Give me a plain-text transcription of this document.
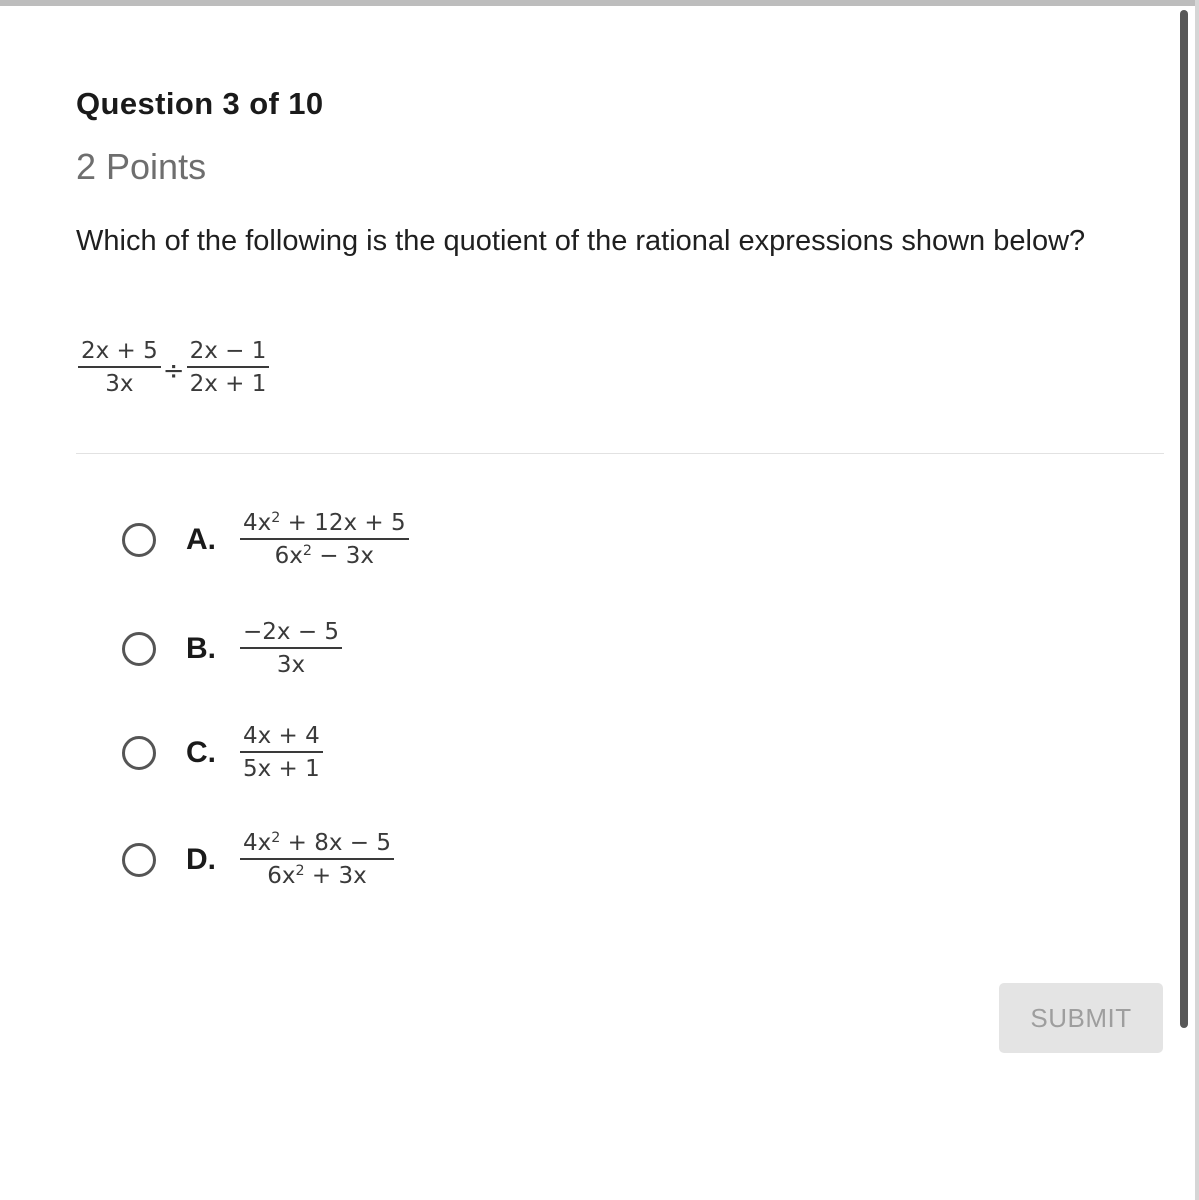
Question 3 of 10
2 Points
Which of the following is the quotient of the rational expressions shown below?
$\frac{2x + 5}{3x} \div \frac{2x - 1}{2x + 1}$
A.	$\frac{4x^2 + 12x + 5}{6x^2 - 3x}$
B.	$\frac{-2x - 5}{3x}$
C.	$\frac{4x + 4}{5x + 1}$
D.	$\frac{4x^2 + 8x - 5}{6x^2 + 3x}$
SUBMIT
